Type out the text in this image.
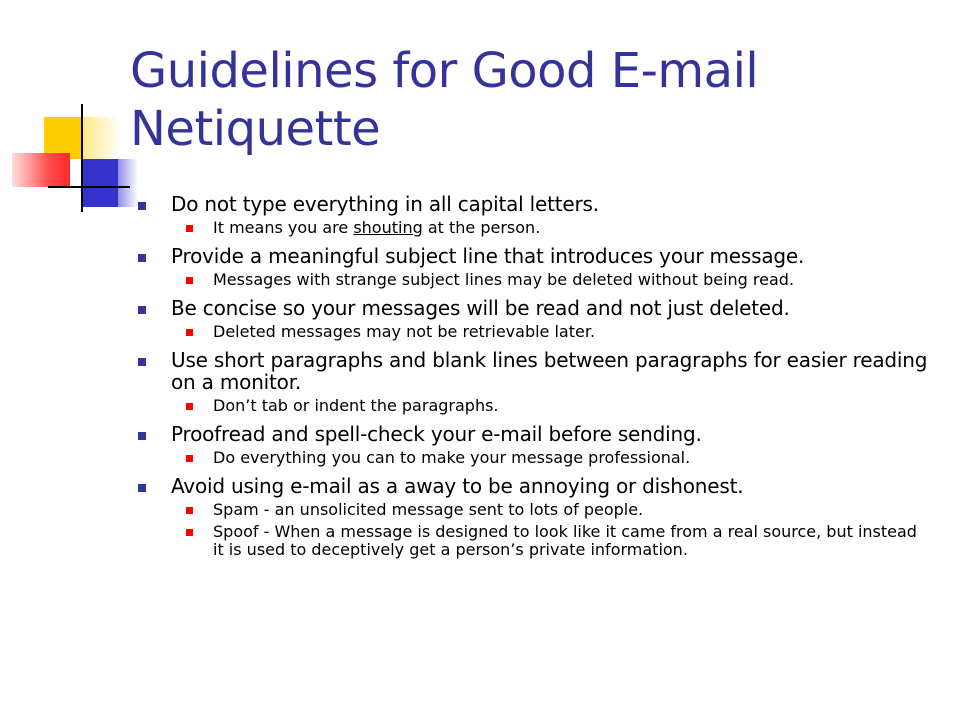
Guidelines for Good E-mail
Netiquette
Do not type everything in all capital letters.
It means you are shouting at the person.
Provide a meaningful subject line that introduces your message.
Messages with strange subject lines may be deleted without being read.
Be concise so your messages will be read and not just deleted.
Deleted messages may not be retrievable later.
Use short paragraphs and blank lines between paragraphs for easier reading on a monitor.
Don’t tab or indent the paragraphs.
Proofread and spell-check your e-mail before sending.
Do everything you can to make your message professional.
Avoid using e-mail as a away to be annoying or dishonest.
Spam - an unsolicited message sent to lots of people.
Spoof - When a message is designed to look like it came from a real source, but instead it is used to deceptively get a person’s private information.
